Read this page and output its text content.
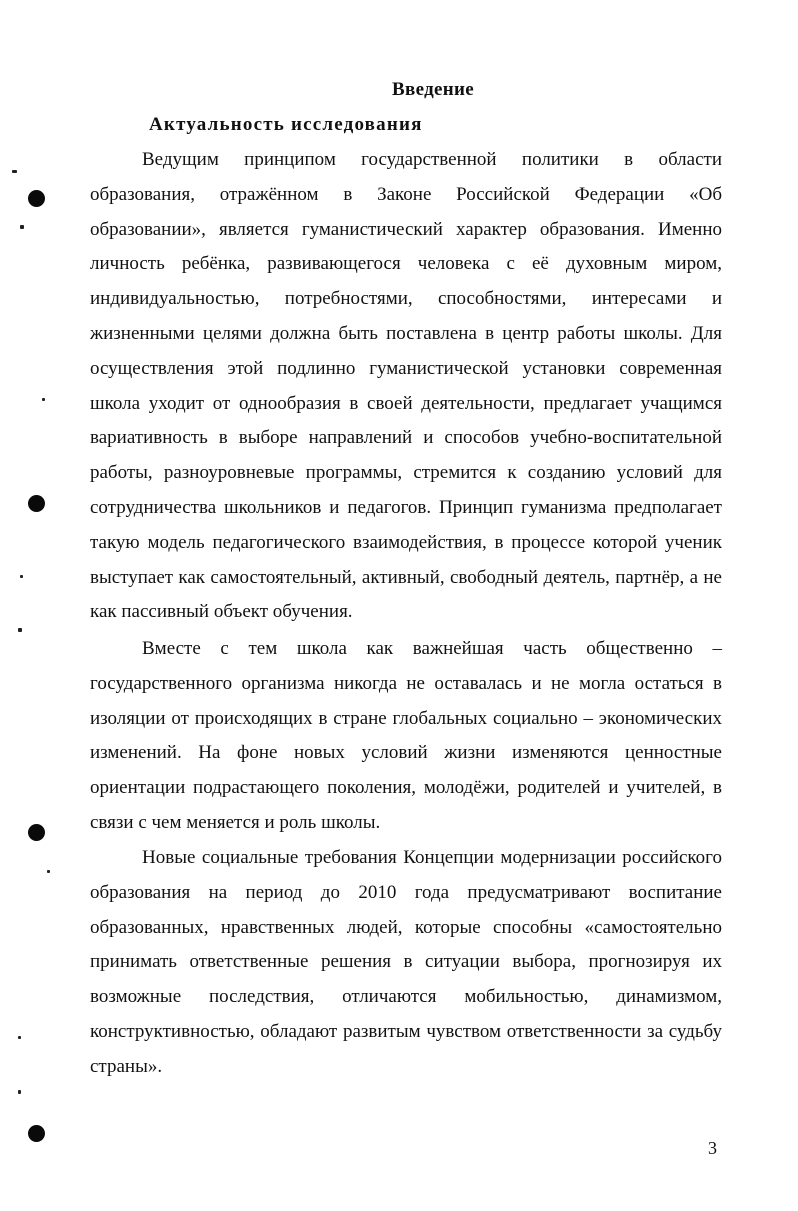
Введение
Актуальность исследования

Ведущим принципом государственной политики в области образования, отражённом в Законе Российской Федерации «Об образовании», является гуманистический характер образования. Именно личность ребёнка, развивающегося человека с её духовным миром, индивидуальностью, потребностями, способностями, интересами и жизненными целями должна быть поставлена в центр работы школы. Для осуществления этой подлинно гуманистической установки современная школа уходит от однообразия в своей деятельности, предлагает учащимся вариативность в выборе направлений и способов учебно-воспитательной работы, разноуровневые программы, стремится к созданию условий для сотрудничества школьников и педагогов. Принцип гуманизма предполагает такую модель педагогического взаимодействия, в процессе которой ученик выступает как самостоятельный, активный, свободный деятель, партнёр, а не как пассивный объект обучения.

Вместе с тем школа как важнейшая часть общественно – государственного организма никогда не оставалась и не могла остаться в изоляции от происходящих в стране глобальных социально – экономических изменений. На фоне новых условий жизни изменяются ценностные ориентации подрастающего поколения, молодёжи, родителей и учителей, в связи с чем меняется и роль школы.

Новые социальные требования Концепции модернизации российского образования на период до 2010 года предусматривают воспитание образованных, нравственных людей, которые способны «самостоятельно принимать ответственные решения в ситуации выбора, прогнозируя их возможные последствия, отличаются мобильностью, динамизмом, конструктивностью, обладают развитым чувством ответственности за судьбу страны».

3
